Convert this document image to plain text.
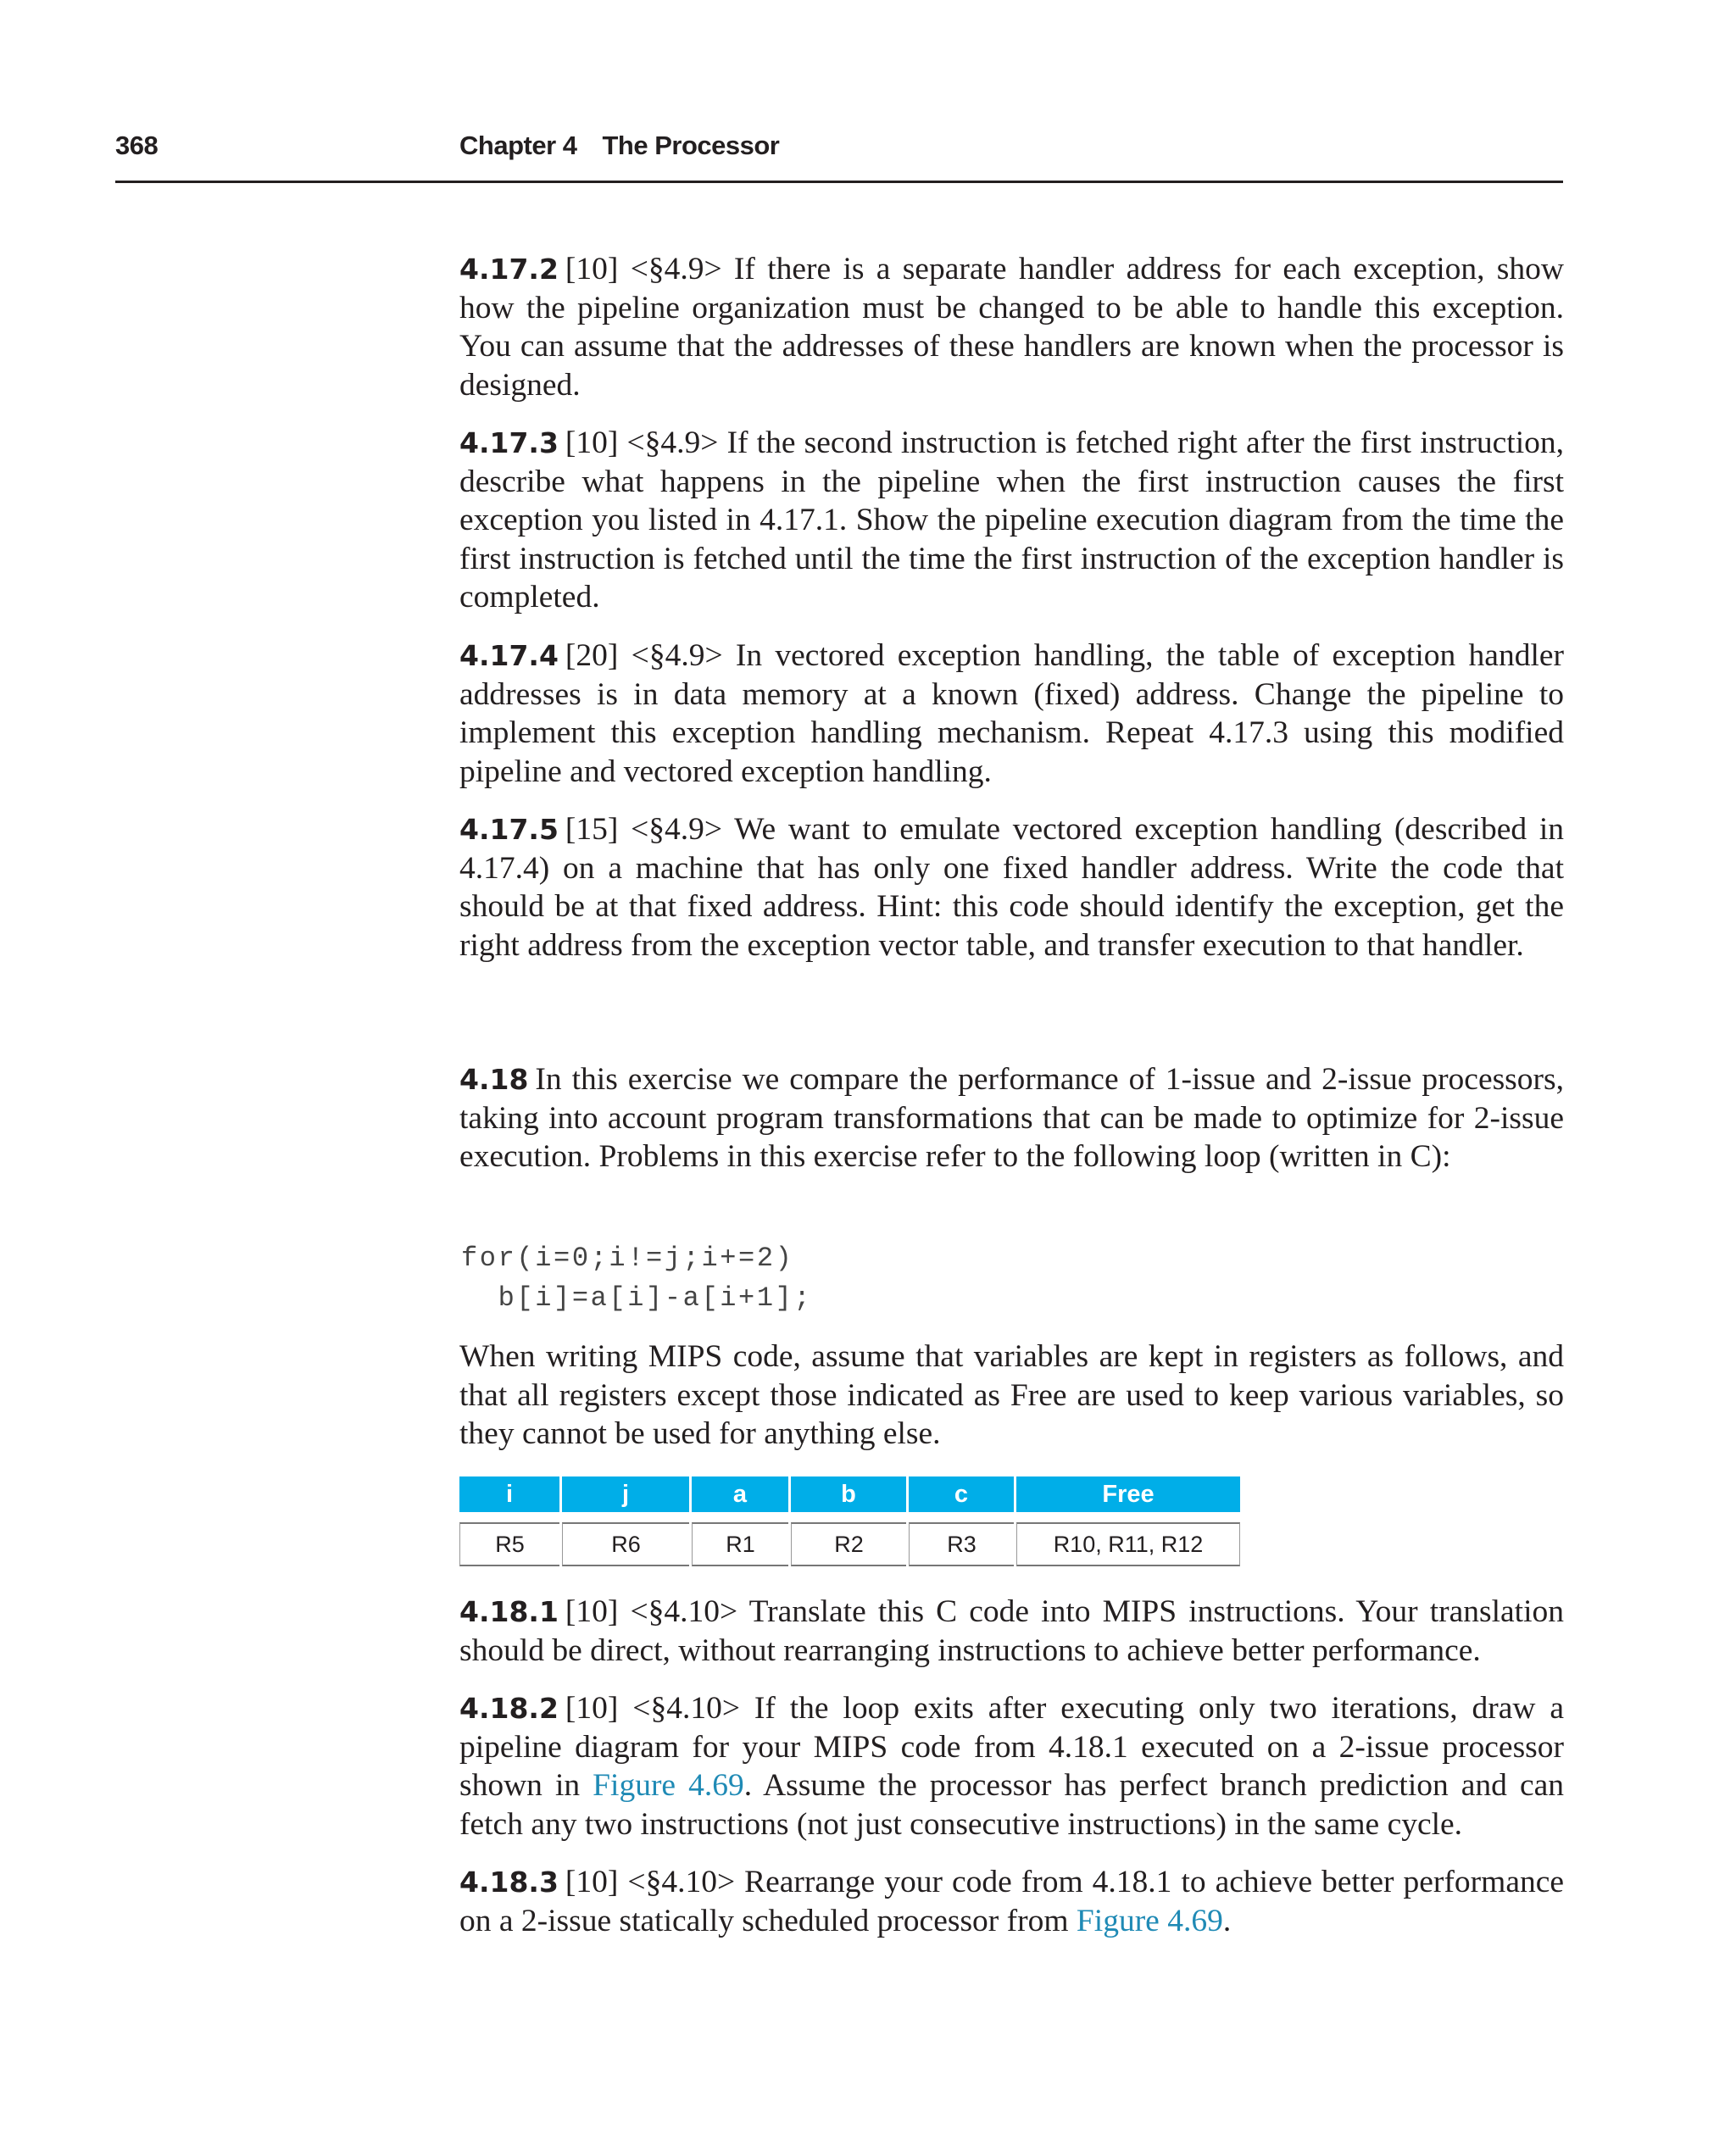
368	Chapter 4 The Processor

4.17.2 [10] <§4.9> If there is a separate handler address for each exception, show how the pipeline organization must be changed to be able to handle this exception. You can assume that the addresses of these handlers are known when the processor is designed.

4.17.3 [10] <§4.9> If the second instruction is fetched right after the first instruction, describe what happens in the pipeline when the first instruction causes the first exception you listed in 4.17.1. Show the pipeline execution diagram from the time the first instruction is fetched until the time the first instruction of the exception handler is completed.

4.17.4 [20] <§4.9> In vectored exception handling, the table of exception handler addresses is in data memory at a known (fixed) address. Change the pipeline to implement this exception handling mechanism. Repeat 4.17.3 using this modified pipeline and vectored exception handling.

4.17.5 [15] <§4.9> We want to emulate vectored exception handling (described in 4.17.4) on a machine that has only one fixed handler address. Write the code that should be at that fixed address. Hint: this code should identify the exception, get the right address from the exception vector table, and transfer execution to that handler.

4.18 In this exercise we compare the performance of 1-issue and 2-issue processors, taking into account program transformations that can be made to optimize for 2-issue execution. Problems in this exercise refer to the following loop (written in C):

for(i=0;i!=j;i+=2)
b[i]=a[i]-a[i+1];

When writing MIPS code, assume that variables are kept in registers as follows, and that all registers except those indicated as Free are used to keep various variables, so they cannot be used for anything else.

i	j	a	b	c	Free

R5	R6	R1	R2	R3	R10, R11, R12

4.18.1 [10] <§4.10> Translate this C code into MIPS instructions. Your translation should be direct, without rearranging instructions to achieve better performance.

4.18.2 [10] <§4.10> If the loop exits after executing only two iterations, draw a pipeline diagram for your MIPS code from 4.18.1 executed on a 2-issue processor shown in Figure 4.69. Assume the processor has perfect branch prediction and can fetch any two instructions (not just consecutive instructions) in the same cycle.

4.18.3 [10] <§4.10> Rearrange your code from 4.18.1 to achieve better performance on a 2-issue statically scheduled processor from Figure 4.69.
